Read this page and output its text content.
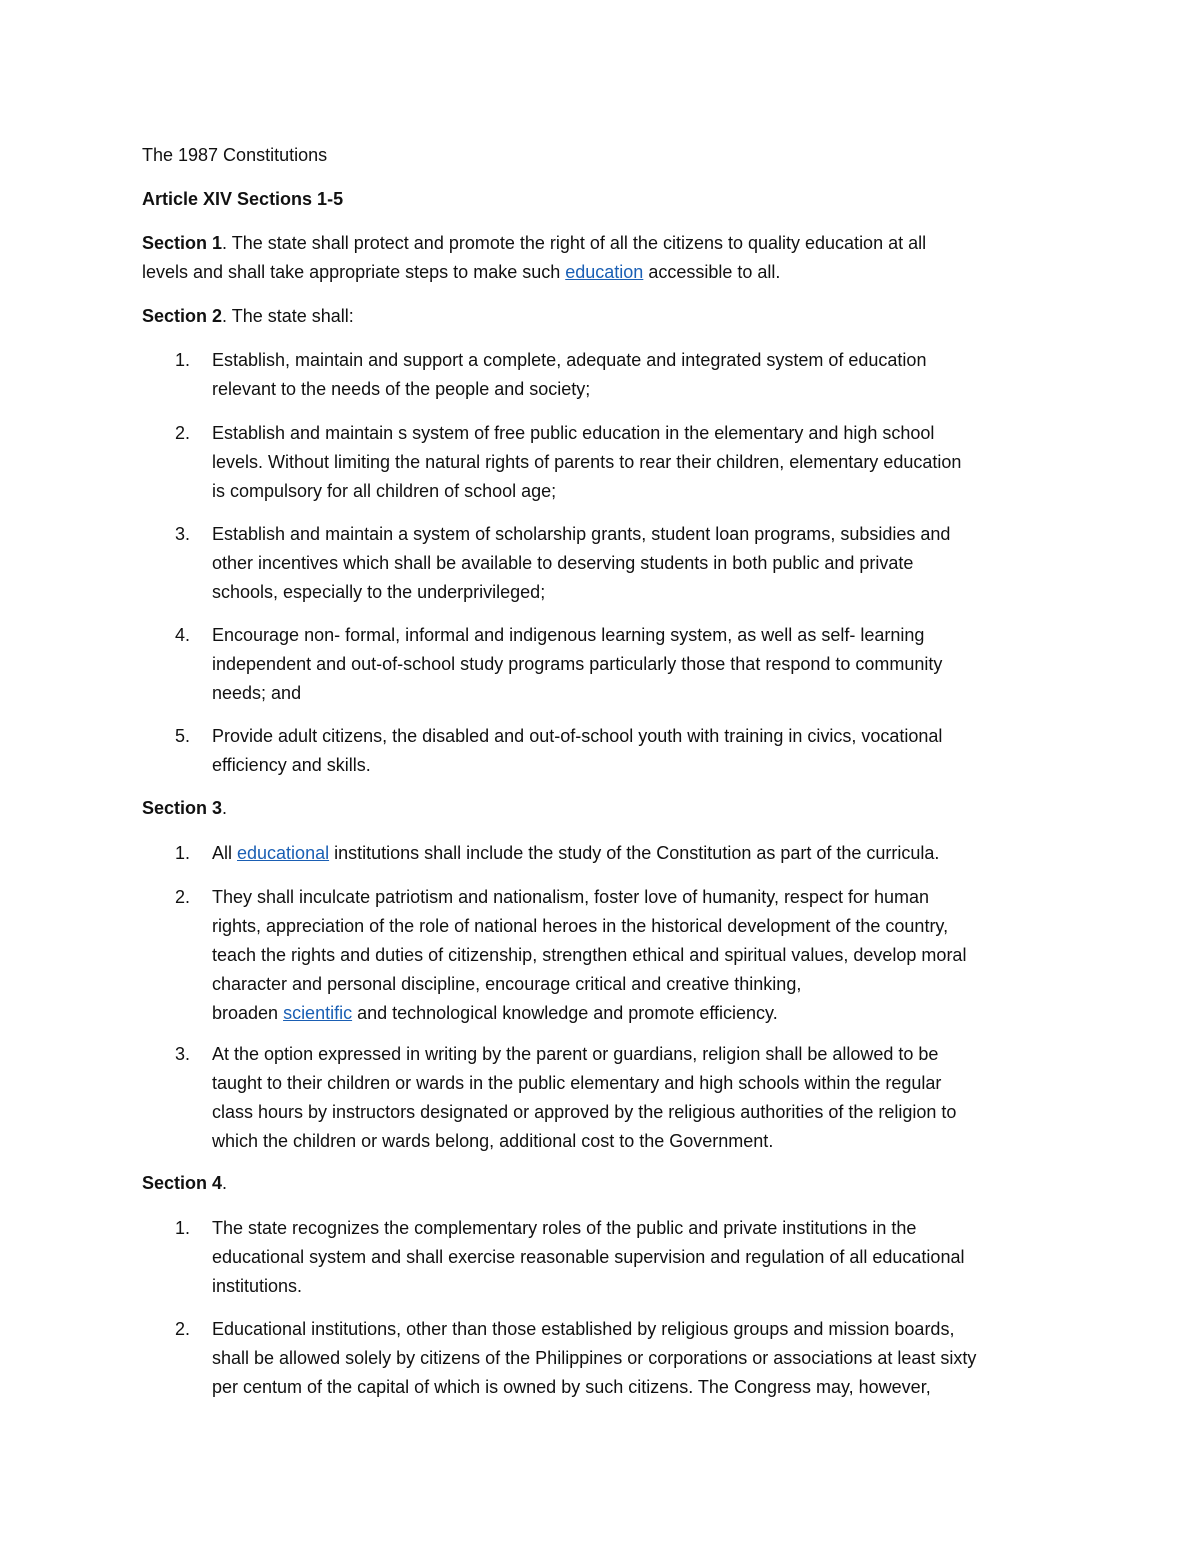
The 1987 Constitutions

Article XIV Sections 1-5

Section 1. The state shall protect and promote the right of all the citizens to quality education at all
levels and shall take appropriate steps to make such education accessible to all.
Section 2. The state shall:
1. Establish, maintain and support a complete, adequate and integrated system of education
relevant to the needs of the people and society;
2. Establish and maintain s system of free public education in the elementary and high school
levels. Without limiting the natural rights of parents to rear their children, elementary education
is compulsory for all children of school age;
3. Establish and maintain a system of scholarship grants, student loan programs, subsidies and
other incentives which shall be available to deserving students in both public and private
schools, especially to the underprivileged;
4. Encourage non- formal, informal and indigenous learning system, as well as self- learning
independent and out-of-school study programs particularly those that respond to community
needs; and
5. Provide adult citizens, the disabled and out-of-school youth with training in civics, vocational
efficiency and skills.
Section 3.
1. All educational institutions shall include the study of the Constitution as part of the curricula.
2. They shall inculcate patriotism and nationalism, foster love of humanity, respect for human
rights, appreciation of the role of national heroes in the historical development of the country,
teach the rights and duties of citizenship, strengthen ethical and spiritual values, develop moral
character and personal discipline, encourage critical and creative thinking,
broaden scientific and technological knowledge and promote efficiency.
3. At the option expressed in writing by the parent or guardians, religion shall be allowed to be
taught to their children or wards in the public elementary and high schools within the regular
class hours by instructors designated or approved by the religious authorities of the religion to
which the children or wards belong, additional cost to the Government.
Section 4.
1. The state recognizes the complementary roles of the public and private institutions in the
educational system and shall exercise reasonable supervision and regulation of all educational
institutions.
2. Educational institutions, other than those established by religious groups and mission boards,
shall be allowed solely by citizens of the Philippines or corporations or associations at least sixty
per centum of the capital of which is owned by such citizens. The Congress may, however,
